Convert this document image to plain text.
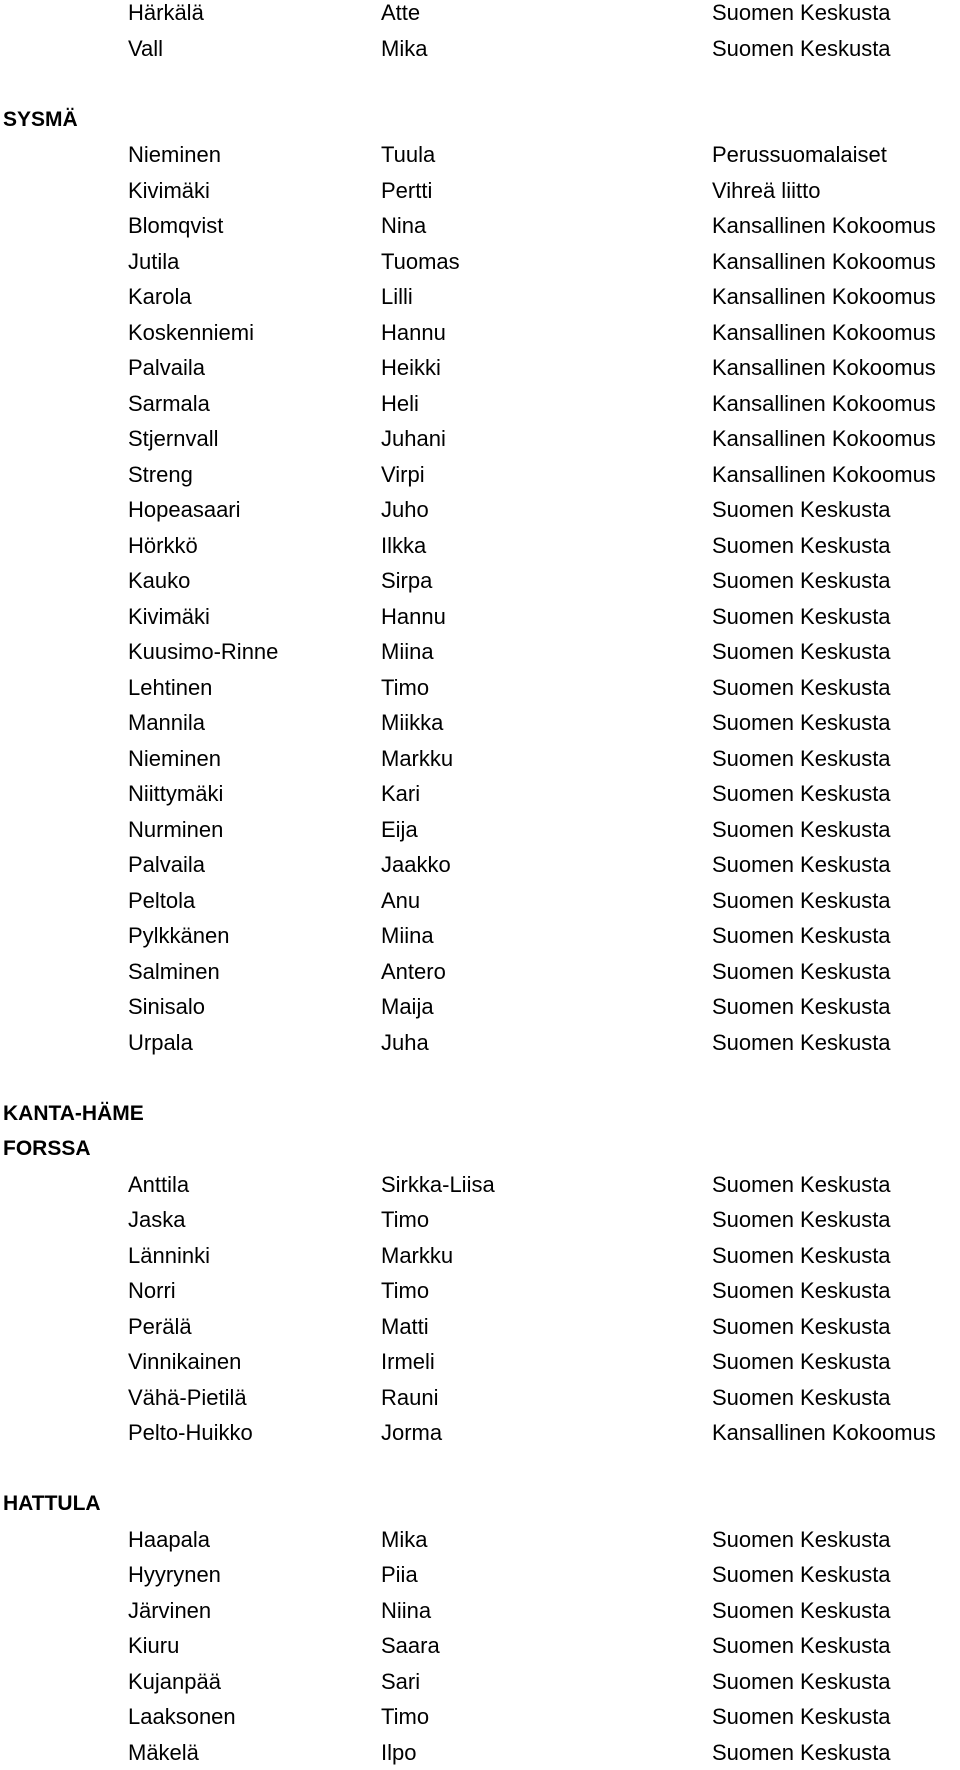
Härkälä	Atte	Suomen Keskusta
Vall	Mika	Suomen Keskusta
SYSMÄ
Nieminen	Tuula	Perussuomalaiset
Kivimäki	Pertti	Vihreä liitto
Blomqvist	Nina	Kansallinen Kokoomus
Jutila	Tuomas	Kansallinen Kokoomus
Karola	Lilli	Kansallinen Kokoomus
Koskenniemi	Hannu	Kansallinen Kokoomus
Palvaila	Heikki	Kansallinen Kokoomus
Sarmala	Heli	Kansallinen Kokoomus
Stjernvall	Juhani	Kansallinen Kokoomus
Streng	Virpi	Kansallinen Kokoomus
Hopeasaari	Juho	Suomen Keskusta
Hörkkö	Ilkka	Suomen Keskusta
Kauko	Sirpa	Suomen Keskusta
Kivimäki	Hannu	Suomen Keskusta
Kuusimo-Rinne	Miina	Suomen Keskusta
Lehtinen	Timo	Suomen Keskusta
Mannila	Miikka	Suomen Keskusta
Nieminen	Markku	Suomen Keskusta
Niittymäki	Kari	Suomen Keskusta
Nurminen	Eija	Suomen Keskusta
Palvaila	Jaakko	Suomen Keskusta
Peltola	Anu	Suomen Keskusta
Pylkkänen	Miina	Suomen Keskusta
Salminen	Antero	Suomen Keskusta
Sinisalo	Maija	Suomen Keskusta
Urpala	Juha	Suomen Keskusta
KANTA-HÄME
FORSSA
Anttila	Sirkka-Liisa	Suomen Keskusta
Jaska	Timo	Suomen Keskusta
Länninki	Markku	Suomen Keskusta
Norri	Timo	Suomen Keskusta
Perälä	Matti	Suomen Keskusta
Vinnikainen	Irmeli	Suomen Keskusta
Vähä-Pietilä	Rauni	Suomen Keskusta
Pelto-Huikko	Jorma	Kansallinen Kokoomus
HATTULA
Haapala	Mika	Suomen Keskusta
Hyyrynen	Piia	Suomen Keskusta
Järvinen	Niina	Suomen Keskusta
Kiuru	Saara	Suomen Keskusta
Kujanpää	Sari	Suomen Keskusta
Laaksonen	Timo	Suomen Keskusta
Mäkelä	Ilpo	Suomen Keskusta
